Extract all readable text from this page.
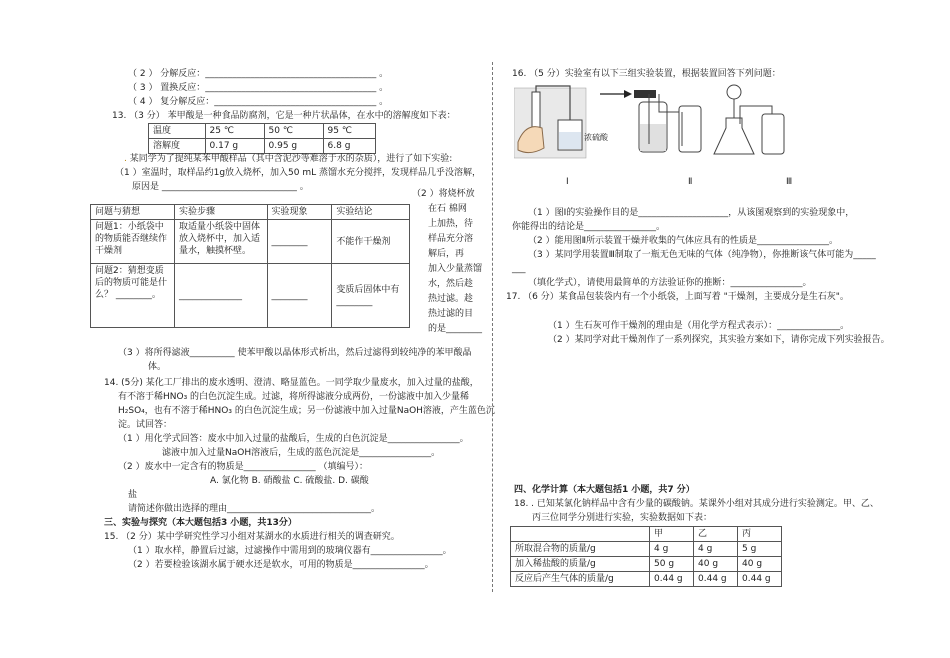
（ 2 ） 分解反应：______________________________________ 。
（ 3 ） 置换反应：______________________________________ 。
（ 4 ） 复分解反应：____________________________________ 。
13. （3 分） 苯甲酸是一种食品防腐剂，它是一种片状晶体，在水中的溶解度如下表：
温度	25 ℃	50 ℃	95 ℃
溶解度	0.17 g	0.95 g	6.8 g
. 某同学为了提纯某苯甲酸样品（其中含泥沙等难溶于水的杂质），进行了如下实验:
（1 ）室温时，取样品约1g放入烧杯，加入50 mL 蒸馏水充分搅拌，发现样品几乎没溶解，
原因是 ______________________________ 。
（2 ）将烧杯放
在石 棉网
上加热，待
样品充分溶
解后，再
加入少量蒸馏
水，然后趁
热过滤。趁
热过滤的目
的是________
问题与猜想	实验步骤	实验现象	实验结论
问题1：小纸袋中的物质能否继续作干燥剂	取适量小纸袋中固体放入烧杯中，加入适量水，触摸杯壁。	________	不能作干燥剂
问题2：猜想变质后的物质可能是什么？ ________。	______________	________	变质后固体中有________
（3 ）将所得滤液__________ 使苯甲酸以晶体形式析出，然后过滤得到较纯净的苯甲酸晶
体。
14. (5分) 某化工厂排出的废水透明、澄清、略显蓝色。一同学取少量废水，加入过量的盐酸，
有不溶于稀HNO₃ 的白色沉淀生成。过滤，将所得滤液分成两份，一份滤液中加入少量稀
H₂SO₄，也有不溶于稀HNO₃ 的白色沉淀生成；另一份滤液中加入过量NaOH溶液，产生蓝色沉
淀。试回答：
（1 ）用化学式回答：废水中加入过量的盐酸后，生成的白色沉淀是________________。
滤液中加入过量NaOH溶液后，生成的蓝色沉淀是________________。
（2 ）废水中一定含有的物质是________________ （填编号）：
A. 氯化物 B. 硝酸盐 C. 硫酸盐. D. 碳酸
盐
请简述你做出选择的理由________________________________。
三、实验与探究（本大题包括3 小题，共13分）
15. （2 分）某中学研究性学习小组对某湖水的水质进行相关的调查研究。
（1 ）取水样，静置后过滤，过滤操作中需用到的玻璃仪器有________________。
（2 ）若要检验该湖水属于硬水还是软水，可用的物质是________________。
16. （5 分）实验室有以下三组实验装置，根据装置回答下列问题：
浓硫酸
Ⅰ	Ⅱ	Ⅲ
（1 ）图Ⅰ的实验操作目的是____________________，从该图观察到的实验现象中，
你能得出的结论是________________。
（2 ）能用图Ⅱ所示装置干燥并收集的气体应具有的性质是________________。
（3 ）某同学用装置Ⅲ制取了一瓶无色无味的气体（纯净物），你推断该气体可能为_____
___
（填化学式），请使用最简单的方法验证你的推断：________________。
17. （6 分）某食品包装袋内有一个小纸袋，上面写着 "干燥剂，主要成分是生石灰"。
（1 ）生石灰可作干燥剂的理由是（用化学方程式表示）：______________。
（2 ）某同学对此干燥剂作了一系列探究，其实验方案如下，请你完成下列实验报告。
四、化学计算（本大题包括1 小题，共7 分）
18. . 已知某氯化钠样品中含有少量的碳酸钠。某课外小组对其成分进行实验测定。甲、乙、
丙三位同学分别进行实验，实验数据如下表：
	甲	乙	丙
所取混合物的质量/g	4 g	4 g	5 g
加入稀盐酸的质量/g	50 g	40 g	40 g
反应后产生气体的质量/g	0.44 g	0.44 g	0.44 g
